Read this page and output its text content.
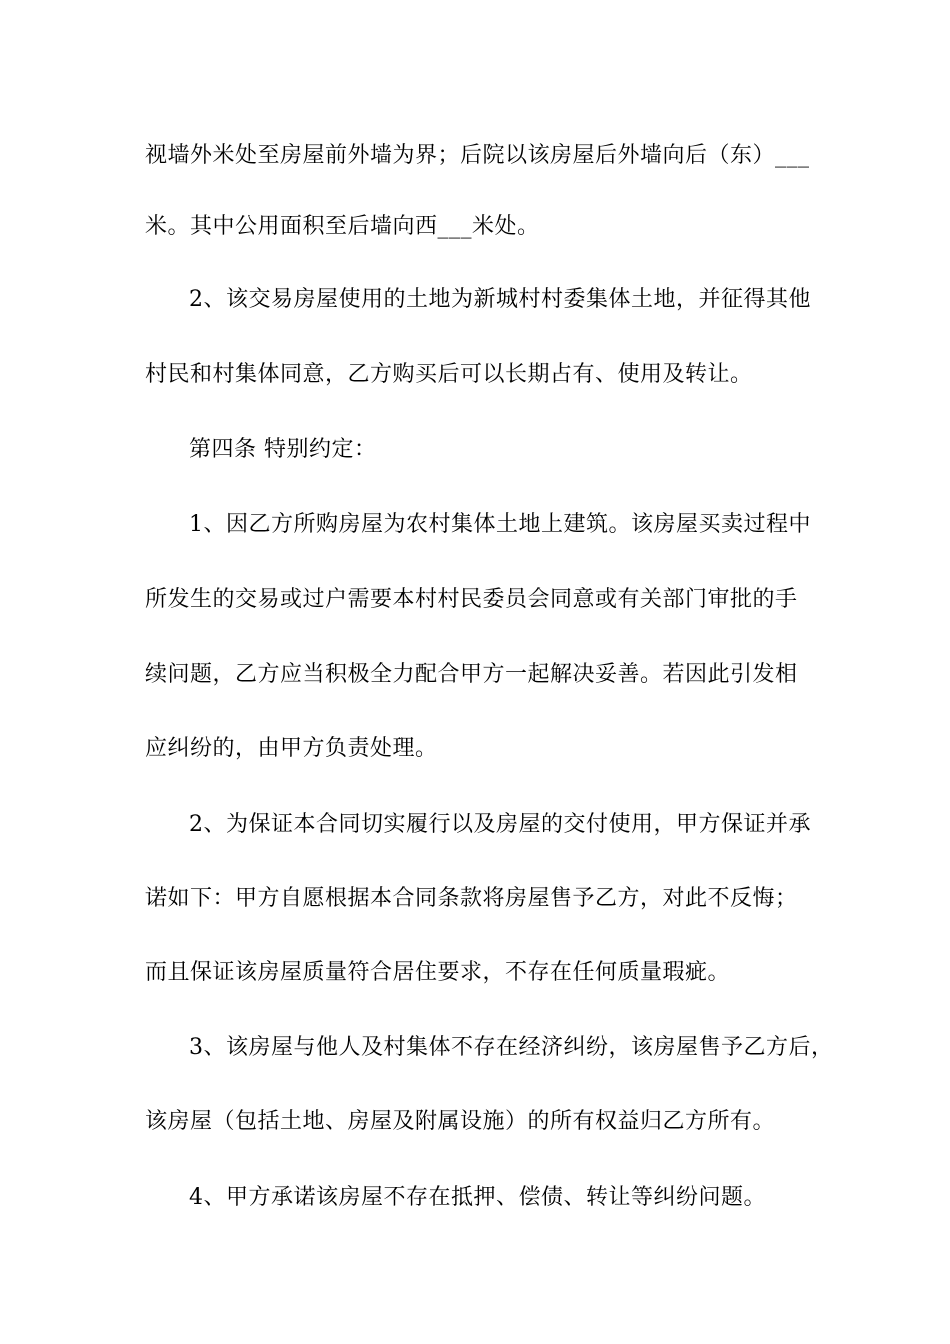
视墙外米处至房屋前外墙为界；后院以该房屋后外墙向后（东）___
米。其中公用面积至后墙向西___米处。
2、该交易房屋使用的土地为新城村村委集体土地，并征得其他
村民和村集体同意，乙方购买后可以长期占有、使用及转让。
第四条 特别约定：
1、因乙方所购房屋为农村集体土地上建筑。该房屋买卖过程中
所发生的交易或过户需要本村村民委员会同意或有关部门审批的手
续问题，乙方应当积极全力配合甲方一起解决妥善。若因此引发相
应纠纷的，由甲方负责处理。
2、为保证本合同切实履行以及房屋的交付使用，甲方保证并承
诺如下：甲方自愿根据本合同条款将房屋售予乙方，对此不反悔；
而且保证该房屋质量符合居住要求，不存在任何质量瑕疵。
3、该房屋与他人及村集体不存在经济纠纷，该房屋售予乙方后，
该房屋（包括土地、房屋及附属设施）的所有权益归乙方所有。
4、甲方承诺该房屋不存在抵押、偿债、转让等纠纷问题。
